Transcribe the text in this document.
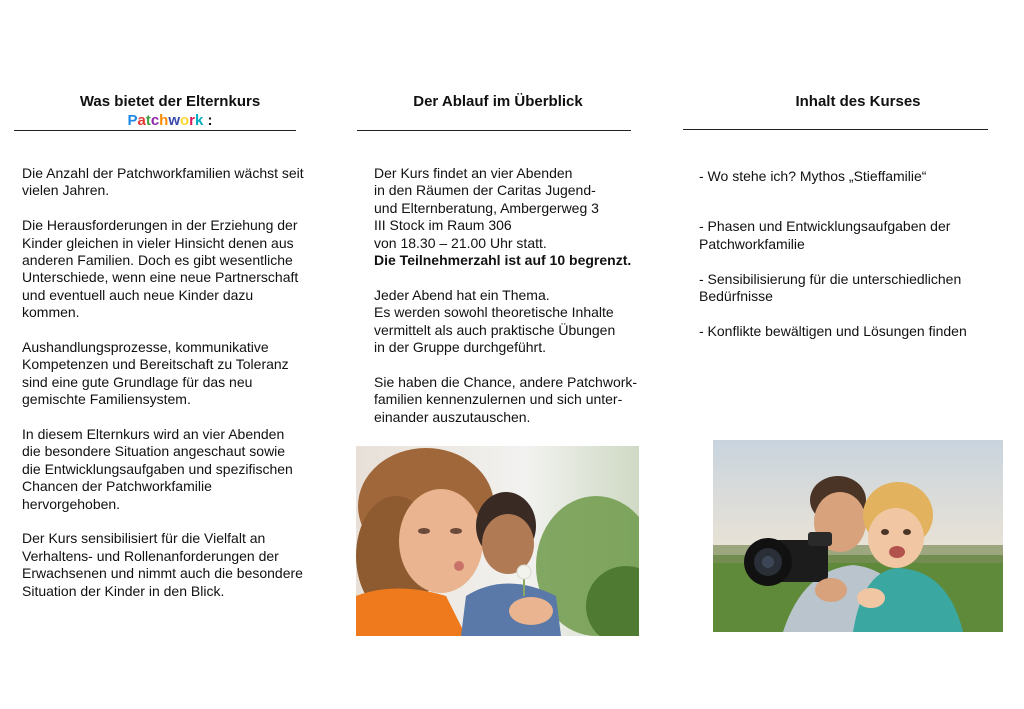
Was bietet der Elternkurs
Patchwork :
Die Anzahl der Patchworkfamilien wächst seit
vielen Jahren.
Die Herausforderungen in der Erziehung der
Kinder gleichen in vieler Hinsicht denen aus
anderen Familien. Doch es gibt wesentliche
Unterschiede, wenn eine neue Partnerschaft
und eventuell auch neue Kinder dazu
kommen.
Aushandlungsprozesse, kommunikative
Kompetenzen und Bereitschaft zu Toleranz
sind eine gute Grundlage für das neu
gemischte Familiensystem.
In diesem Elternkurs wird an vier Abenden
die besondere Situation angeschaut sowie
die Entwicklungsaufgaben und spezifischen
Chancen der Patchworkfamilie
hervorgehoben.
Der Kurs sensibilisiert für die Vielfalt an
Verhaltens- und Rollenanforderungen der
Erwachsenen und nimmt auch die besondere
Situation der Kinder in den Blick.
Der Ablauf im Überblick
Der Kurs findet an vier Abenden
in den Räumen der Caritas Jugend-
und Elternberatung, Ambergerweg 3
III Stock im Raum 306
von 18.30 – 21.00 Uhr statt.
Die Teilnehmerzahl ist auf 10 begrenzt.
Jeder Abend hat ein Thema.
Es werden sowohl theoretische Inhalte
vermittelt als auch praktische Übungen
in der Gruppe durchgeführt.
Sie haben die Chance, andere Patchwork-
familien kennenzulernen und sich unter-
einander auszutauschen.
Inhalt des Kurses
- Wo stehe ich? Mythos „Stieffamilie“
- Phasen und Entwicklungsaufgaben der
Patchworkfamilie
- Sensibilisierung für die unterschiedlichen
Bedürfnisse
- Konflikte bewältigen und Lösungen finden
